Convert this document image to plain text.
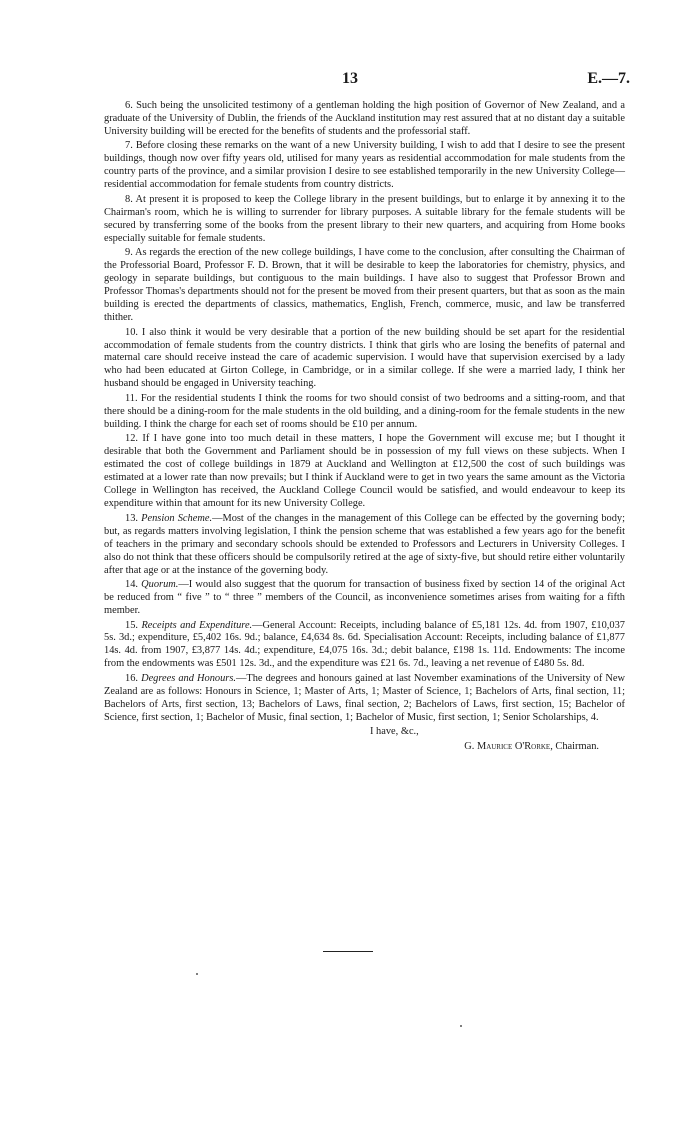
13	E.—7.

6. Such being the unsolicited testimony of a gentleman holding the high position of Governor of New Zealand, and a graduate of the University of Dublin, the friends of the Auckland institution may rest assured that at no distant day a suitable University building will be erected for the benefits of students and the professorial staff.

7. Before closing these remarks on the want of a new University building, I wish to add that I desire to see the present buildings, though now over fifty years old, utilised for many years as residential accommodation for male students from the country parts of the province, and a similar provision I desire to see established temporarily in the new University College—residential accommodation for female students from country districts.

8. At present it is proposed to keep the College library in the present buildings, but to enlarge it by annexing it to the Chairman's room, which he is willing to surrender for library purposes. A suitable library for the female students will be secured by transferring some of the books from the present library to their new quarters, and acquiring from Home books especially suitable for female students.

9. As regards the erection of the new college buildings, I have come to the conclusion, after consulting the Chairman of the Professorial Board, Professor F. D. Brown, that it will be desirable to keep the laboratories for chemistry, physics, and geology in separate buildings, but contiguous to the main buildings. I have also to suggest that Professor Brown and Professor Thomas's departments should not for the present be moved from their present quarters, but that as soon as the main building is erected the departments of classics, mathematics, English, French, commerce, music, and law be transferred thither.

10. I also think it would be very desirable that a portion of the new building should be set apart for the residential accommodation of female students from the country districts. I think that girls who are losing the benefits of paternal and maternal care should receive instead the care of academic supervision. I would have that supervision exercised by a lady who had been educated at Girton College, in Cambridge, or in a similar college. If she were a married lady, I think her husband should be engaged in University teaching.

11. For the residential students I think the rooms for two should consist of two bedrooms and a sitting-room, and that there should be a dining-room for the male students in the old building, and a dining-room for the female students in the new building. I think the charge for each set of rooms should be £10 per annum.

12. If I have gone into too much detail in these matters, I hope the Government will excuse me; but I thought it desirable that both the Government and Parliament should be in possession of my full views on these subjects. When I estimated the cost of college buildings in 1879 at Auckland and Wellington at £12,500 the cost of such buildings was estimated at a lower rate than now prevails; but I think if Auckland were to get in two years the same amount as the Victoria College in Wellington has received, the Auckland College Council would be satisfied, and would endeavour to keep its expenditure within that amount for its new University College.

13. Pension Scheme.—Most of the changes in the management of this College can be effected by the governing body; but, as regards matters involving legislation, I think the pension scheme that was established a few years ago for the benefit of teachers in the primary and secondary schools should be extended to Professors and Lecturers in University Colleges. I also do not think that these officers should be compulsorily retired at the age of sixty-five, but should retire either voluntarily after that age or at the instance of the governing body.

14. Quorum.—I would also suggest that the quorum for transaction of business fixed by section 14 of the original Act be reduced from “ five ” to “ three ” members of the Council, as inconvenience sometimes arises from waiting for a fifth member.

15. Receipts and Expenditure.—General Account: Receipts, including balance of £5,181 12s. 4d. from 1907, £10,037 5s. 3d.; expenditure, £5,402 16s. 9d.; balance, £4,634 8s. 6d. Specialisation Account: Receipts, including balance of £1,877 14s. 4d. from 1907, £3,877 14s. 4d.; expenditure, £4,075 16s. 3d.; debit balance, £198 1s. 11d. Endowments: The income from the endowments was £501 12s. 3d., and the expenditure was £21 6s. 7d., leaving a net revenue of £480 5s. 8d.

16. Degrees and Honours.—The degrees and honours gained at last November examinations of the University of New Zealand are as follows: Honours in Science, 1; Master of Arts, 1; Master of Science, 1; Bachelors of Arts, final section, 11; Bachelors of Arts, first section, 13; Bachelors of Laws, final section, 2; Bachelors of Laws, first section, 15; Bachelor of Science, first section, 1; Bachelor of Music, final section, 1; Bachelor of Music, first section, 1; Senior Scholarships, 4.

I have, &c.,

G. Maurice O'Rorke, Chairman.
